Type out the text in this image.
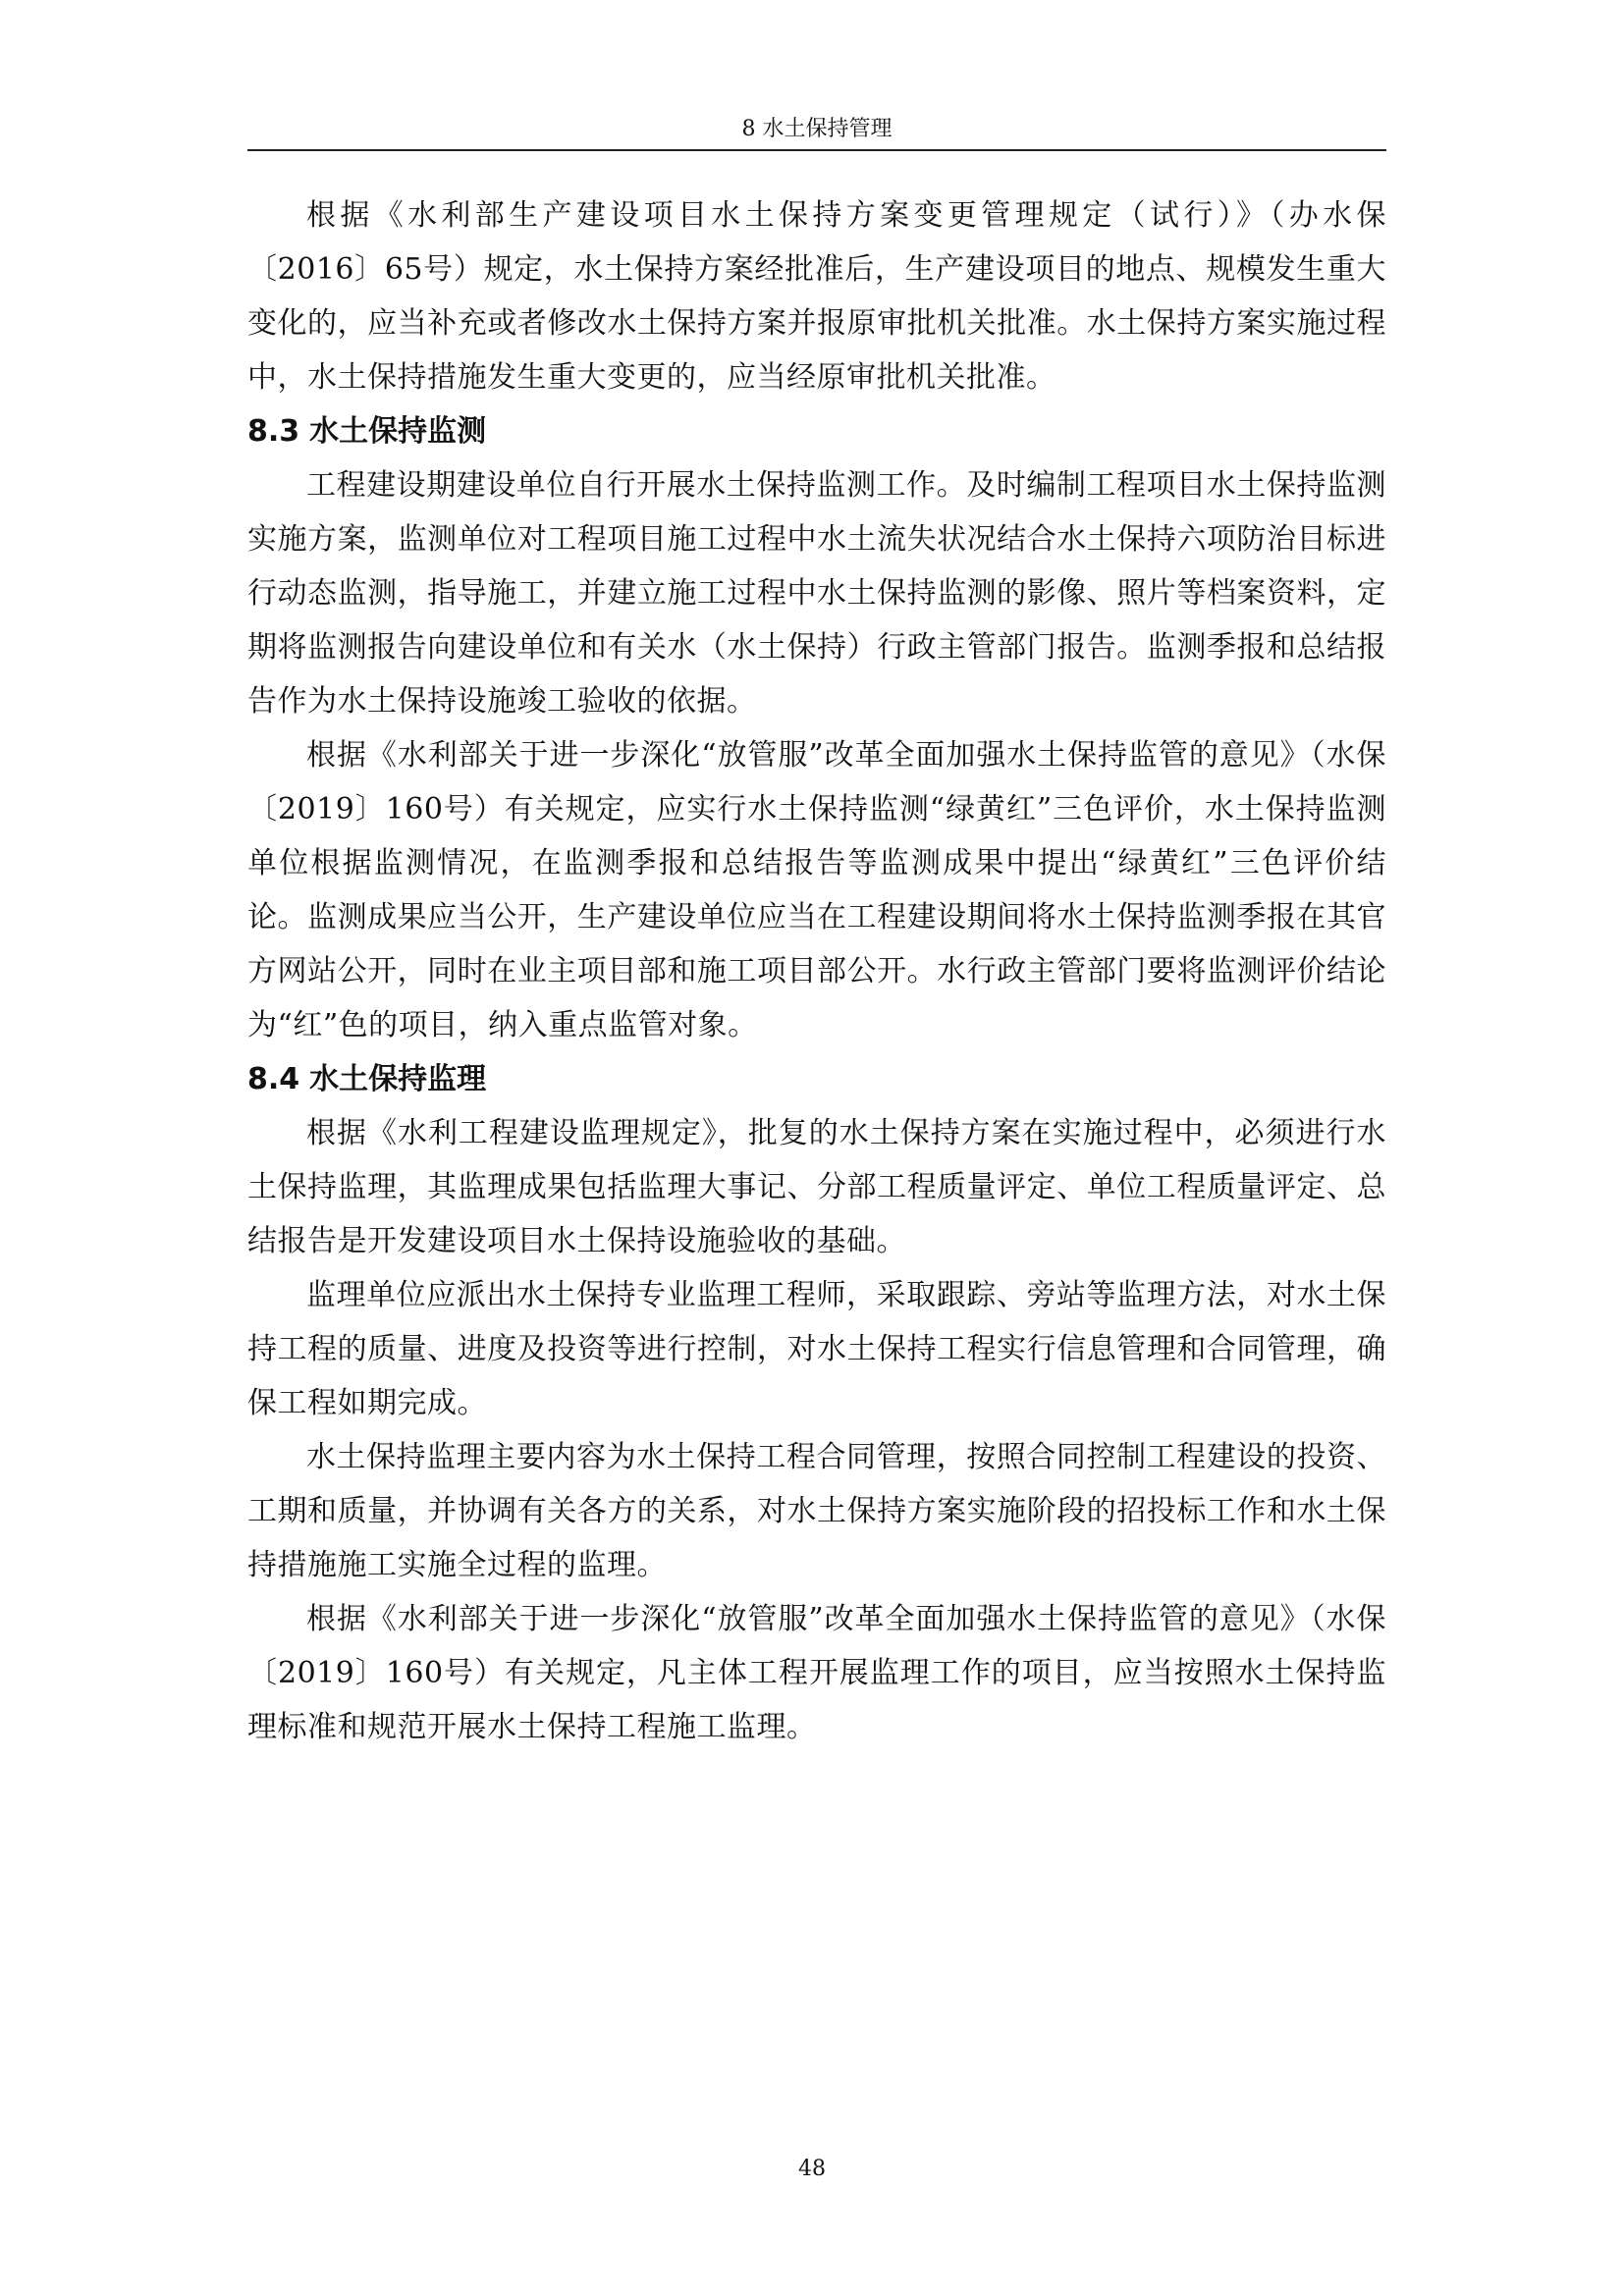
8 水土保持管理

根据《水利部生产建设项目水土保持方案变更管理规定（试行）》（办水保〔2016〕65号）规定，水土保持方案经批准后，生产建设项目的地点、规模发生重大变化的，应当补充或者修改水土保持方案并报原审批机关批准。水土保持方案实施过程中，水土保持措施发生重大变更的，应当经原审批机关批准。

8.3 水土保持监测

工程建设期建设单位自行开展水土保持监测工作。及时编制工程项目水土保持监测实施方案，监测单位对工程项目施工过程中水土流失状况结合水土保持六项防治目标进行动态监测，指导施工，并建立施工过程中水土保持监测的影像、照片等档案资料，定期将监测报告向建设单位和有关水（水土保持）行政主管部门报告。监测季报和总结报告作为水土保持设施竣工验收的依据。

根据《水利部关于进一步深化“放管服”改革全面加强水土保持监管的意见》（水保〔2019〕160号）有关规定，应实行水土保持监测“绿黄红”三色评价，水土保持监测单位根据监测情况，在监测季报和总结报告等监测成果中提出“绿黄红”三色评价结论。监测成果应当公开，生产建设单位应当在工程建设期间将水土保持监测季报在其官方网站公开，同时在业主项目部和施工项目部公开。水行政主管部门要将监测评价结论为“红”色的项目，纳入重点监管对象。

8.4 水土保持监理

根据《水利工程建设监理规定》，批复的水土保持方案在实施过程中，必须进行水土保持监理，其监理成果包括监理大事记、分部工程质量评定、单位工程质量评定、总结报告是开发建设项目水土保持设施验收的基础。

监理单位应派出水土保持专业监理工程师，采取跟踪、旁站等监理方法，对水土保持工程的质量、进度及投资等进行控制，对水土保持工程实行信息管理和合同管理，确保工程如期完成。

水土保持监理主要内容为水土保持工程合同管理，按照合同控制工程建设的投资、工期和质量，并协调有关各方的关系，对水土保持方案实施阶段的招投标工作和水土保持措施施工实施全过程的监理。

根据《水利部关于进一步深化“放管服”改革全面加强水土保持监管的意见》（水保〔2019〕160号）有关规定，凡主体工程开展监理工作的项目，应当按照水土保持监理标准和规范开展水土保持工程施工监理。

48
